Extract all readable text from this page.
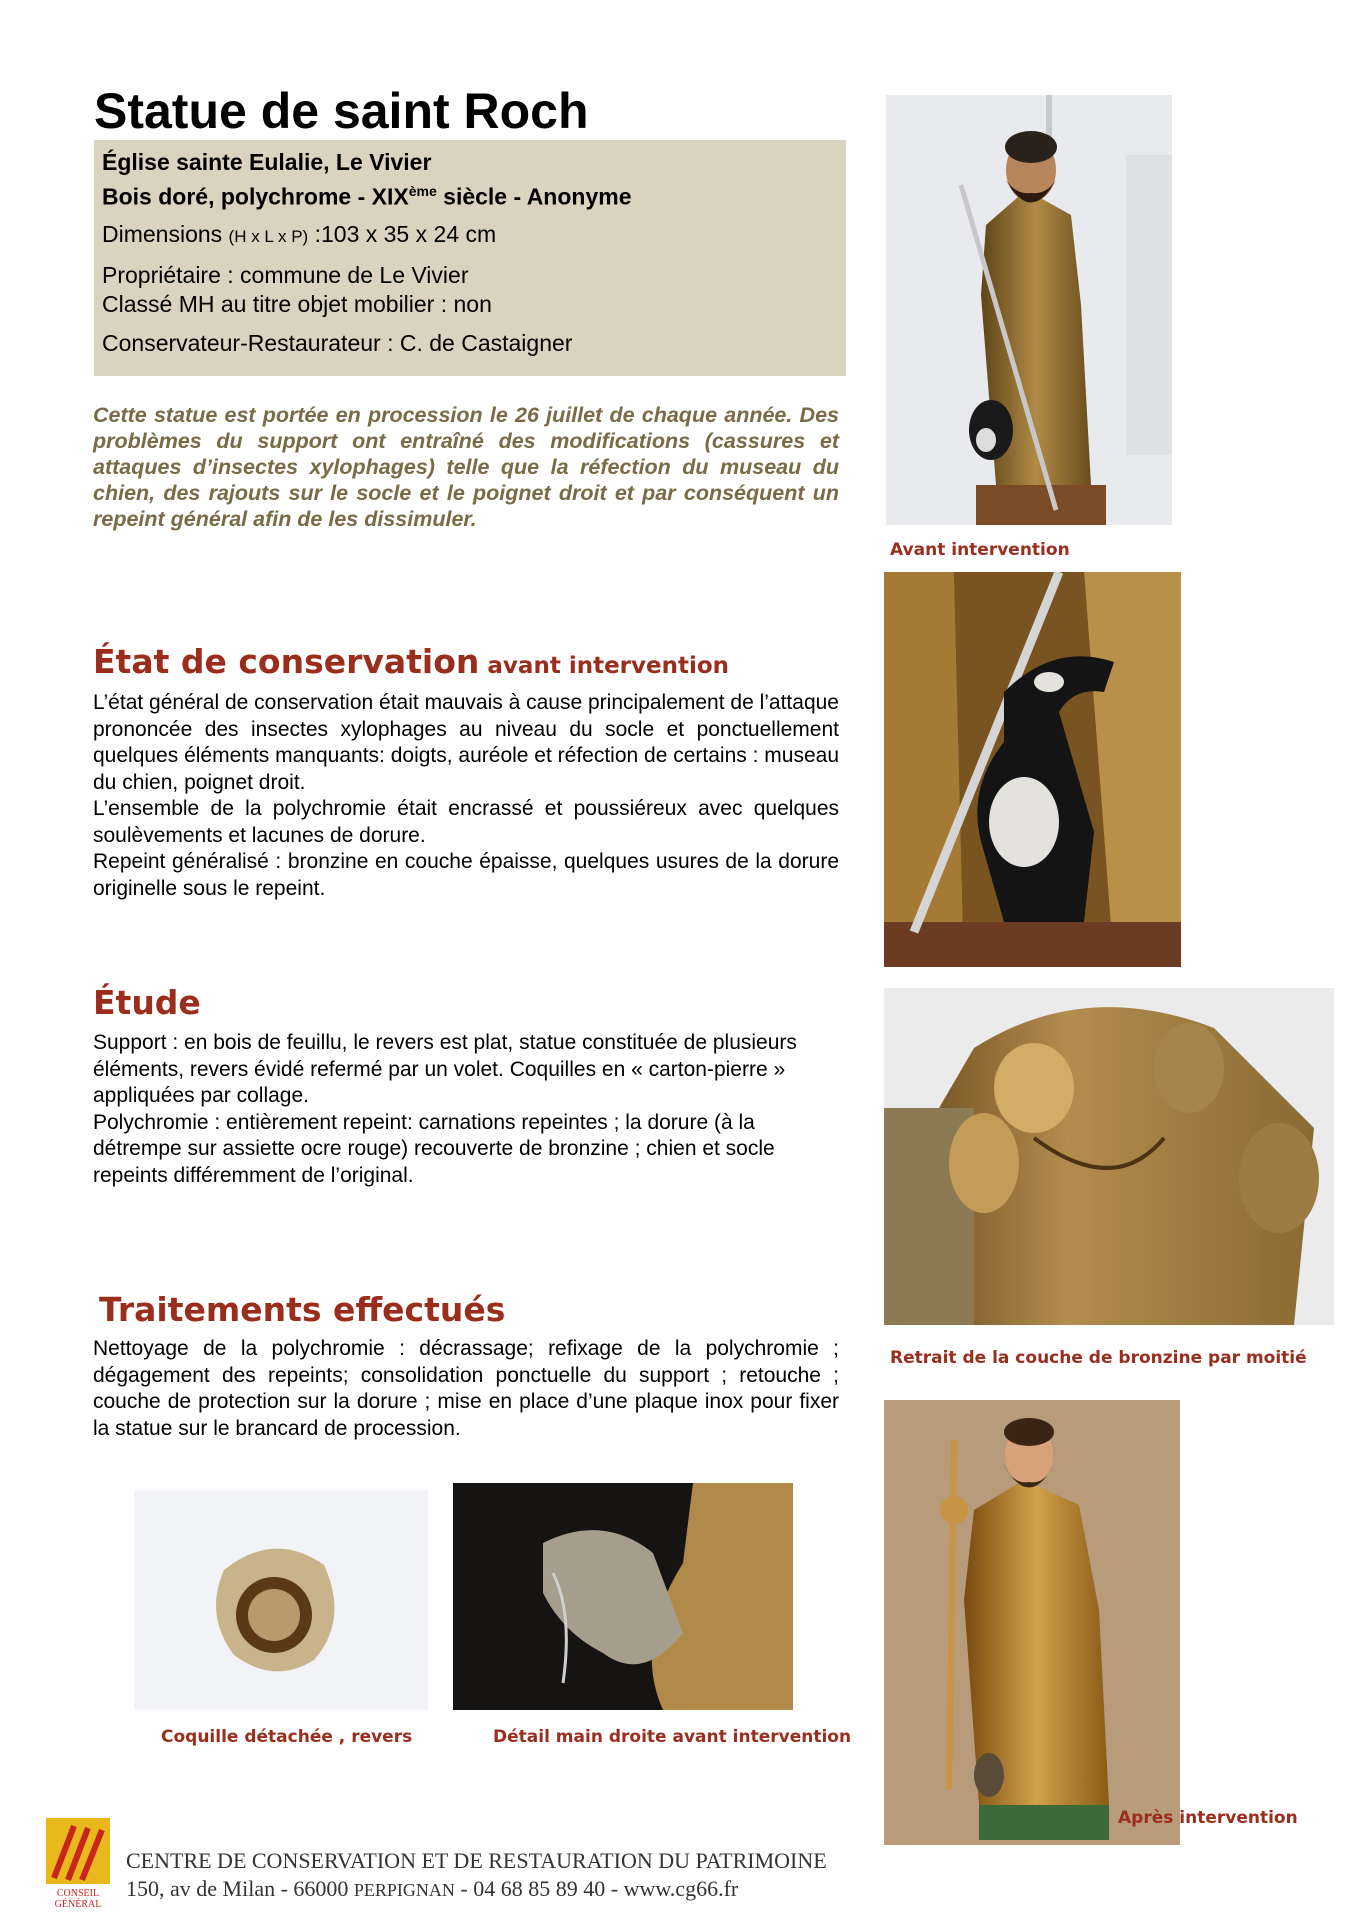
Statue de saint Roch
Église sainte Eulalie, Le Vivier
Bois doré, polychrome - XIXème siècle - Anonyme
Dimensions (H x L x P) :103 x 35 x 24 cm
Propriétaire : commune de Le Vivier
Classé MH au titre objet mobilier : non
Conservateur-Restaurateur : C. de Castaigner
Cette statue est portée en procession le 26 juillet de chaque année. Des problèmes du support ont entraîné des modifications (cassures et attaques d’insectes xylophages) telle que la réfection du museau du chien, des rajouts sur le socle et le poignet droit et par conséquent un repeint général afin de les dissimuler.
État de conservation avant intervention

L’état général de conservation était mauvais à cause principalement de l’attaque prononcée des insectes xylophages au niveau du socle et ponctuellement quelques éléments manquants: doigts, auréole et réfection de certains : museau du chien, poignet droit.

L’ensemble de la polychromie était encrassé et poussiéreux avec quelques soulèvements et lacunes de dorure.

Repeint généralisé : bronzine en couche épaisse, quelques usures de la dorure originelle sous le repeint.

Étude

Support : en bois de feuillu, le revers est plat, statue constituée de plusieurs éléments, revers évidé refermé par un volet. Coquilles en « carton-pierre » appliquées par collage.

Polychromie : entièrement repeint: carnations repeintes ; la dorure (à la détrempe sur assiette ocre rouge) recouverte de bronzine ; chien et socle repeints différemment de l’original.

Traitements effectués

Nettoyage de la polychromie : décrassage; refixage de la polychromie ; dégagement des repeints; consolidation ponctuelle du support ; retouche ; couche de protection sur la dorure ; mise en place d’une plaque inox pour fixer la statue sur le brancard de procession.

Avant intervention
Retrait de la couche de bronzine par moitié
Coquille détachée , revers	Détail main droite avant intervention
Après intervention
CONSEIL
GÉNÉRAL
CENTRE DE CONSERVATION ET DE RESTAURATION DU PATRIMOINE
150, av de Milan - 66000 PERPIGNAN - 04 68 85 89 40 - www.cg66.fr
